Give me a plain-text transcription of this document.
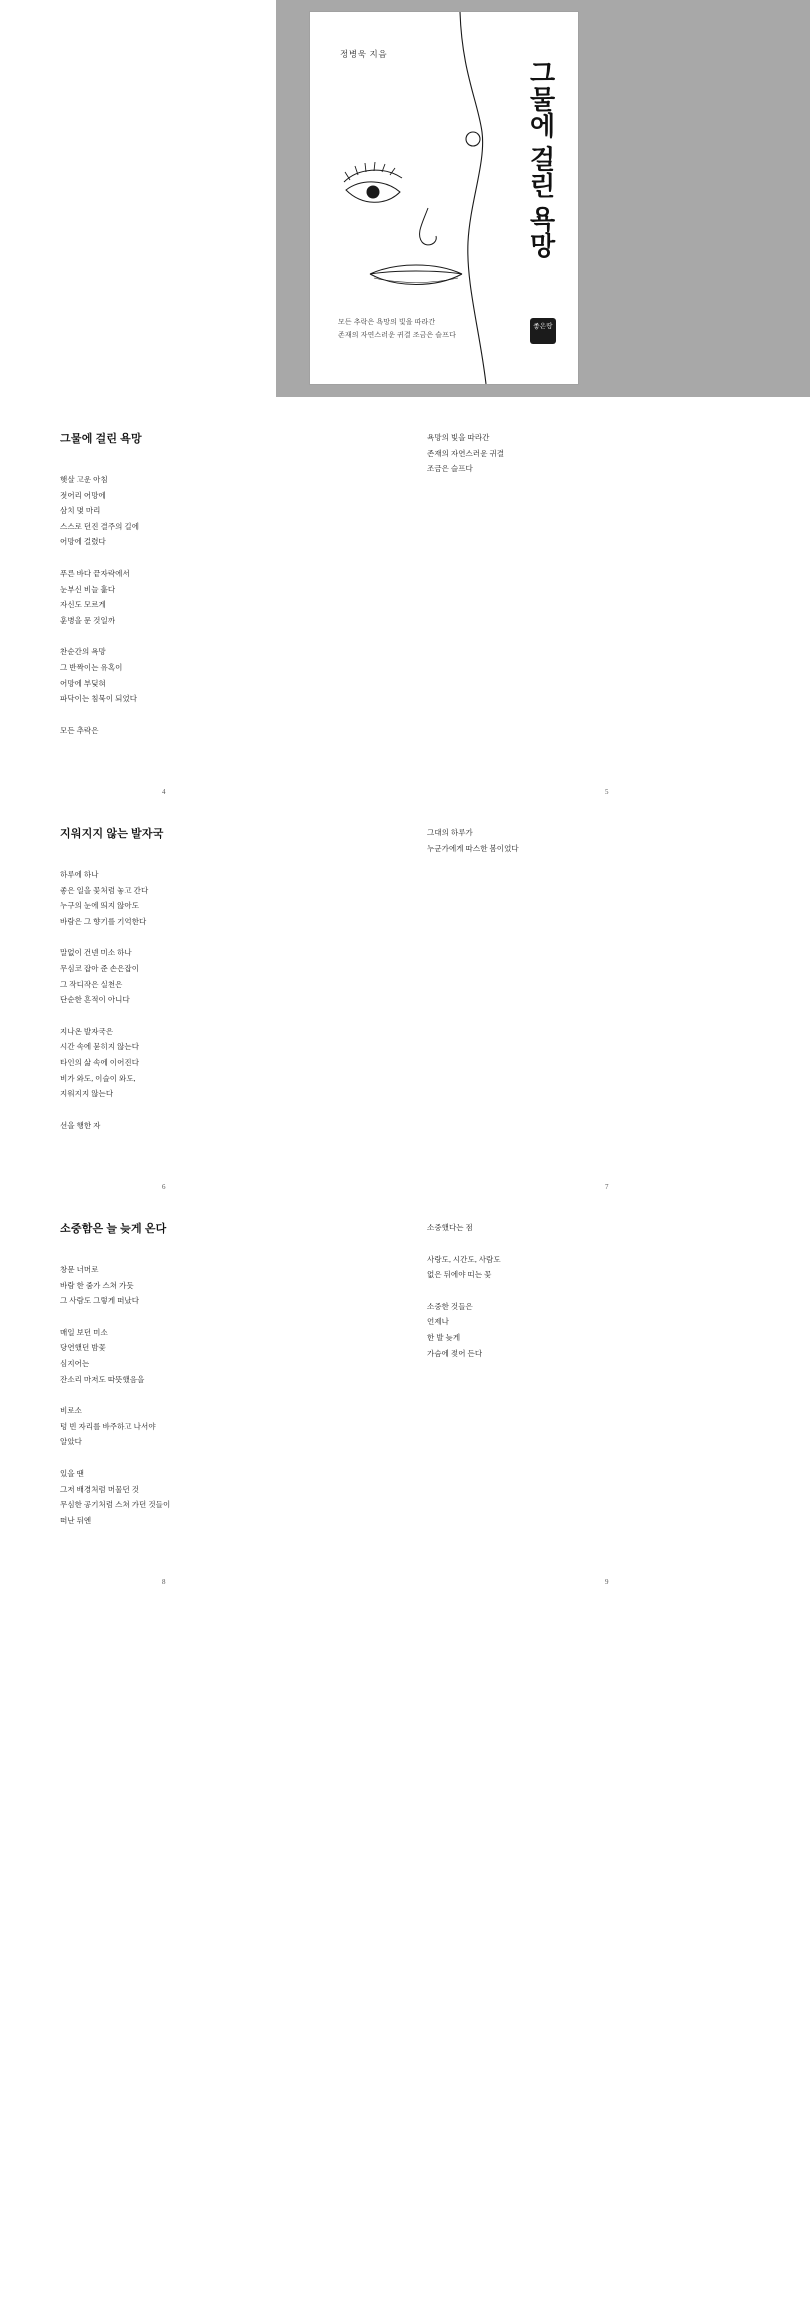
정병욱 지음
그물에 걸린 욕망
모든 추락은 욕망의 빛을 따라간
존재의 자연스러운 귀결 조금은 슬프다
좋은땅
그물에 걸린 욕망
햇살 고운 아침
젓어리 어망에
삼치 몇 마리
스스로 던진 결주의 길에
어망에 걸렸다
푸른 바다 끝자락에서
눈부신 비늘 훑다
자신도 모르게
훈병을 문 것일까
찬순간의 욕망
그 반짝이는 유혹이
어망에 부딪혀
파닥이는 침묵이 되었다
모든 추락은
4
욕망의 빛을 따라간
존재의 자연스러운 귀결
조금은 슬프다
5
지워지지 않는 발자국
하루에 하나
좋은 일을 꽃처럼 놓고 간다
누구의 눈에 띄지 않아도
바람은 그 향기를 기억한다
말없이 건넨 미소 하나
무심코 잡아 준 손은잡이
그 작디작은 실천은
단순한 흔적이 아니다
지나온 발자국은
시간 속에 묻히지 않는다
타인의 삶 속에 이어진다
비가 와도, 이슬이 와도,
지워지지 않는다
선을 행한 자
6
그대의 하루가
누군가에게 따스한 봄이었다
7
소중함은 늘 늦게 온다
창문 너머로
바람 한 줌가 스쳐 가듯
그 사람도 그렇게 떠났다
매일 보던 미소
당연했던 밤꽃
심지어는
잔소리 마저도 따뜻했음을
비로소
텅 빈 자리를 바주하고 나서야
알았다
있을 땐
그저 배경처럼 머물던 것
무심한 공기처럼 스쳐 가던 것들이
떠난 뒤엔
8
소중했다는 점
사랑도, 시간도, 사람도
없은 뒤에야 띠는 꽃
소중한 것들은
언제나
한 발 늦게
가슴에 젖어 든다
9
